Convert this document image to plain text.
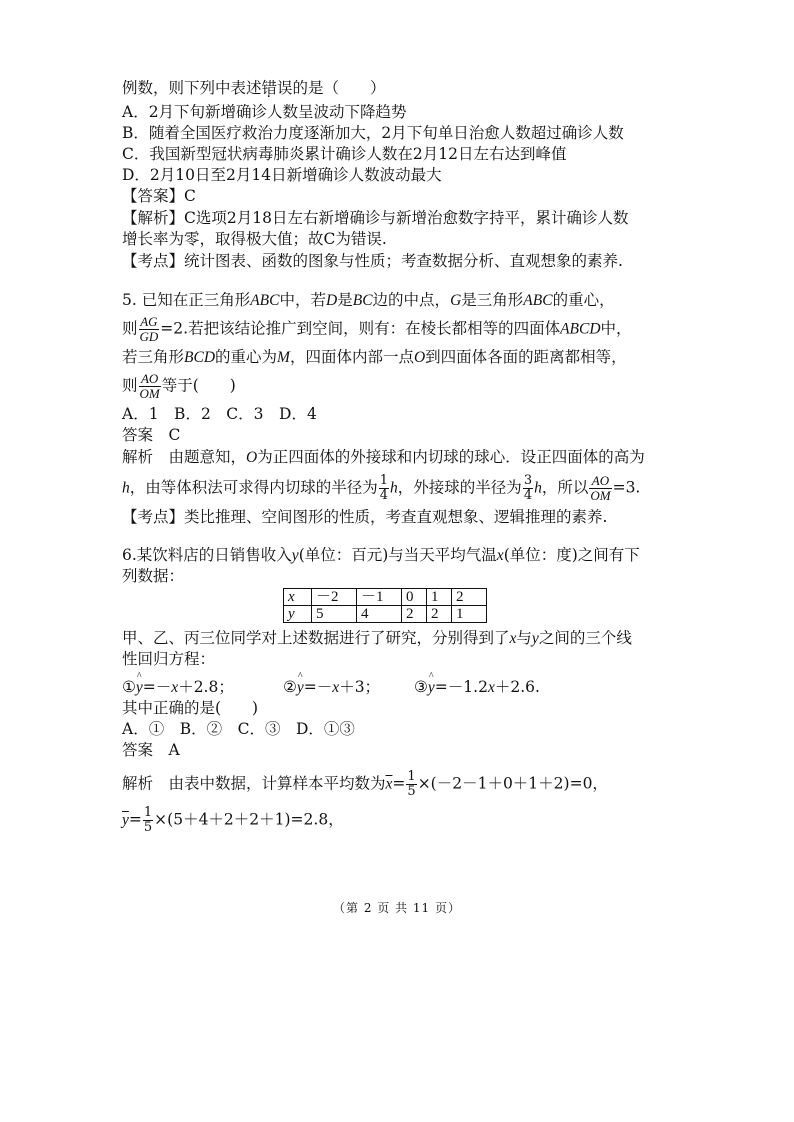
例数，则下列中表述错误的是（　　）
A．2月下旬新增确诊人数呈波动下降趋势
B．随着全国医疗救治力度逐渐加大，2月下旬单日治愈人数超过确诊人数
C．我国新型冠状病毒肺炎累计确诊人数在2月12日左右达到峰值
D．2月10日至2月14日新增确诊人数波动最大
【答案】C
【解析】C选项2月18日左右新增确诊与新增治愈数字持平，累计确诊人数
增长率为零，取得极大值；故C为错误.
【考点】统计图表、函数的图象与性质；考查数据分析、直观想象的素养.
5. 已知在正三角形ABC中，若D是BC边的中点，G是三角形ABC的重心，
则 $\frac{AG}{GD} =2$.若把该结论推广到空间，则有：在棱长都相等的四面体ABCD中，
若三角形BCD的重心为M，四面体内部一点O到四面体各面的距离都相等，
则 $\frac{AO}{OM}$ 等于(　　)
A．1　B．2　C．3　D．4
答案　C
解析　由题意知，O为正四面体的外接球和内切球的球心．设正四面体的高为
h，由等体积法可求得内切球的半径为 $\frac{1}{4}$ h，外接球的半径为 $\frac{3}{4}$ h，所以 $\frac{AO}{OM} =3$.
【考点】类比推理、空间图形的性质，考查直观想象、逻辑推理的素养.
6.某饮料店的日销售收入y(单位：百元)与当天平均气温x(单位：度)之间有下
列数据：
x	－2	－1	0	1	2
y	5	4	2	2	1
甲、乙、丙三位同学对上述数据进行了研究，分别得到了x与y之间的三个线
性回归方程：
①^ y=－x＋2.8；	②^ y=－x＋3； ③^ y=－1.2x＋2.6.
其中正确的是(　　)
A．①　B．②　C．③　D．①③
答案　A
解析　由表中数据，计算样本平均数为$\overline{x}= \frac{1}{5} \times(-2-1+0+1+2)=0$，
$\overline{y}= \frac{1}{5} \times(5+4+2+2+1)=2.8$，
（第 2 页 共 11 页）
